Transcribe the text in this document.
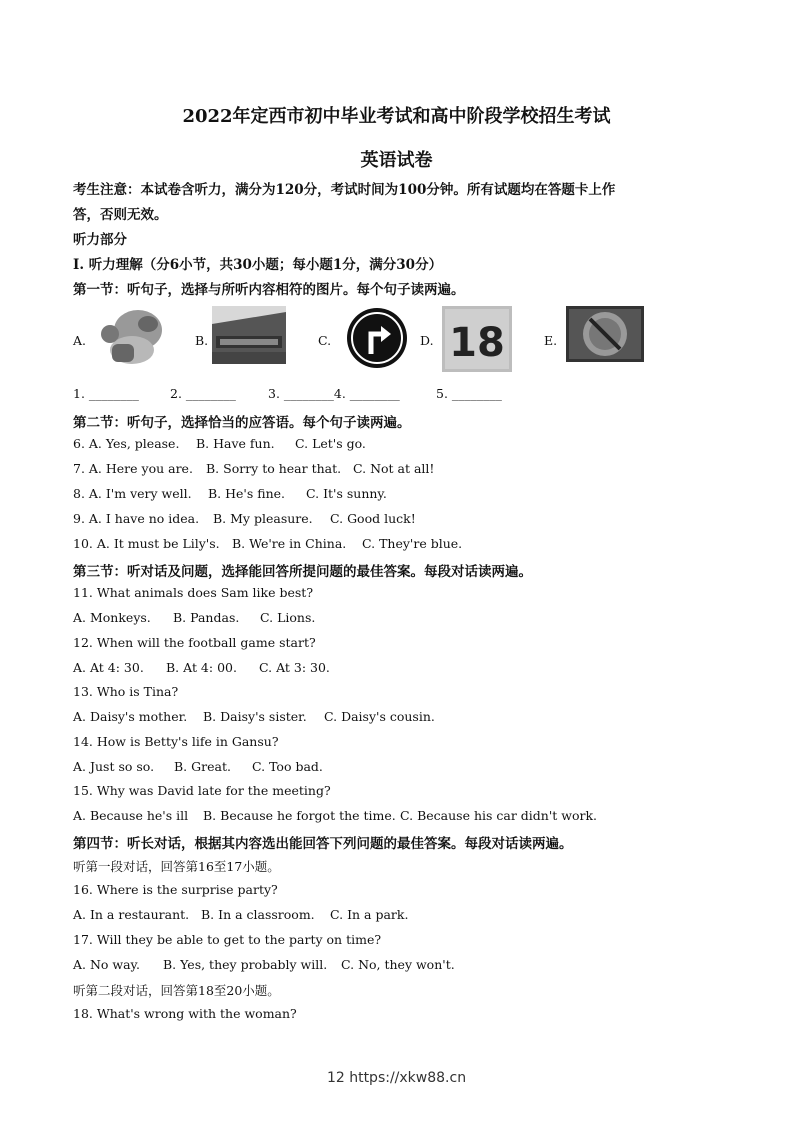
2022年定西市初中毕业考试和高中阶段学校招生考试
英语试卷
考生注意：本试卷含听力，满分为120分，考试时间为100分钟。所有试题均在答题卡上作
答，否则无效。
听力部分
I. 听力理解（分6小节，共30小题；每小题1分，满分30分）
第一节：听句子，选择与所听内容相符的图片。每个句子读两遍。
A.	B.	C.	D. 18	E.
1. ________ 2. ________	3. ________4. ________	5. ________
第二节：听句子，选择恰当的应答语。每个句子读两遍。
6. A. Yes, please. B. Have fun. C. Let's go.
7. A. Here you are. B. Sorry to hear that. C. Not at all!
8. A. I'm very well. B. He's fine. C. It's sunny.
9. A. I have no idea. B. My pleasure. C. Good luck!
10. A. It must be Lily's. B. We're in China. C. They're blue.
第三节：听对话及问题，选择能回答所提问题的最佳答案。每段对话读两遍。
11. What animals does Sam like best?
A. Monkeys. B. Pandas. C. Lions.
12. When will the football game start?
A. At 4: 30. B. At 4: 00. C. At 3: 30.
13. Who is Tina?
A. Daisy's mother. B. Daisy's sister. C. Daisy's cousin.
14. How is Betty's life in Gansu?
A. Just so so. B. Great. C. Too bad.
15. Why was David late for the meeting?
A. Because he's ill B. Because he forgot the time. C. Because his car didn't work.
第四节：听长对话，根据其内容选出能回答下列问题的最佳答案。每段对话读两遍。
听第一段对话，回答第16至17小题。
16. Where is the surprise party?
A. In a restaurant. B. In a classroom. C. In a park.
17. Will they be able to get to the party on time?
A. No way. B. Yes, they probably will. C. No, they won't.
听第二段对话，回答第18至20小题。
18. What's wrong with the woman?
12 https://xkw88.cn
